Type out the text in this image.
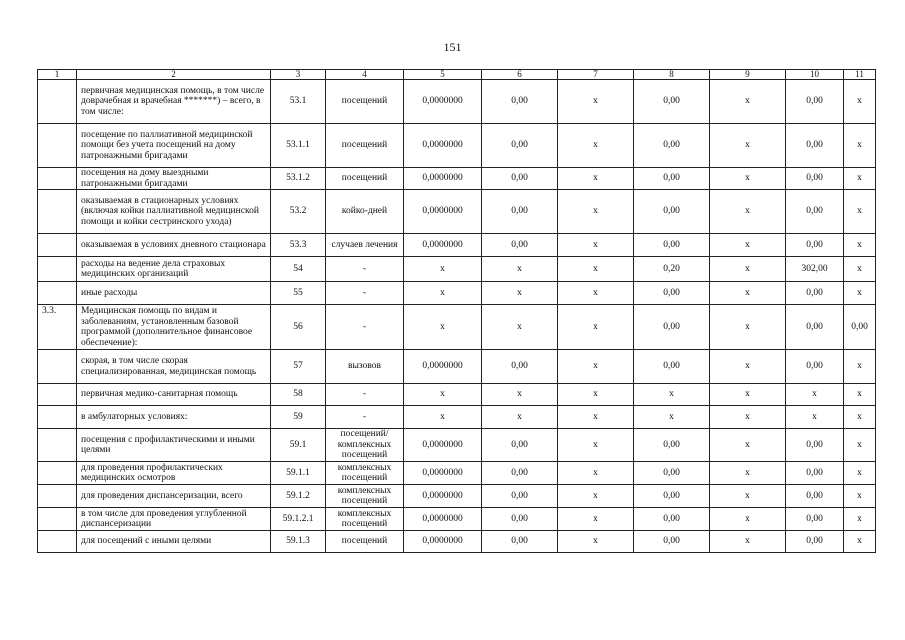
151
1	2	3	4	5	6	7	8	9	10	11
	первичная медицинская помощь, в том числе доврачебная и врачебная *******) – всего, в том числе:	53.1	посещений	0,0000000	0,00	х	0,00	х	0,00	х
	посещение по паллиативной медицинской помощи без учета посещений на дому патронажными бригадами	53.1.1	посещений	0,0000000	0,00	х	0,00	х	0,00	х
	посещения на дому выездными патронажными бригадами	53.1.2	посещений	0,0000000	0,00	х	0,00	х	0,00	х
	оказываемая в стационарных условиях (включая койки паллиативной медицинской помощи и койки сестринского ухода)	53.2	койко-дней	0,0000000	0,00	х	0,00	х	0,00	х
	оказываемая в условиях дневного стационара	53.3	случаев лечения	0,0000000	0,00	х	0,00	х	0,00	х
	расходы на ведение дела страховых медицинских организаций	54	-	х	х	х	0,20	х	302,00	х
	иные расходы	55	-	х	х	х	0,00	х	0,00	х
3.3.	Медицинская помощь по видам и заболеваниям, установленным базовой программой (дополнительное финансовое обеспечение):	56	-	х	х	х	0,00	х	0,00	0,00
	скорая, в том числе скорая специализированная, медицинская помощь	57	вызовов	0,0000000	0,00	х	0,00	х	0,00	х
	первичная медико-санитарная помощь	58	-	х	х	х	х	х	х	х
	в амбулаторных условиях:	59	-	х	х	х	х	х	х	х
	посещения с профилактическими и иными целями	59.1	посещений/ комплексных посещений	0,0000000	0,00	х	0,00	х	0,00	х
	для проведения профилактических медицинских осмотров	59.1.1	комплексных посещений	0,0000000	0,00	х	0,00	х	0,00	х
	для проведения диспансеризации, всего	59.1.2	комплексных посещений	0,0000000	0,00	х	0,00	х	0,00	х
	в том числе для проведения углубленной диспансеризации	59.1.2.1	комплексных посещений	0,0000000	0,00	х	0,00	х	0,00	х
	для посещений с иными целями	59.1.3	посещений	0,0000000	0,00	х	0,00	х	0,00	х
